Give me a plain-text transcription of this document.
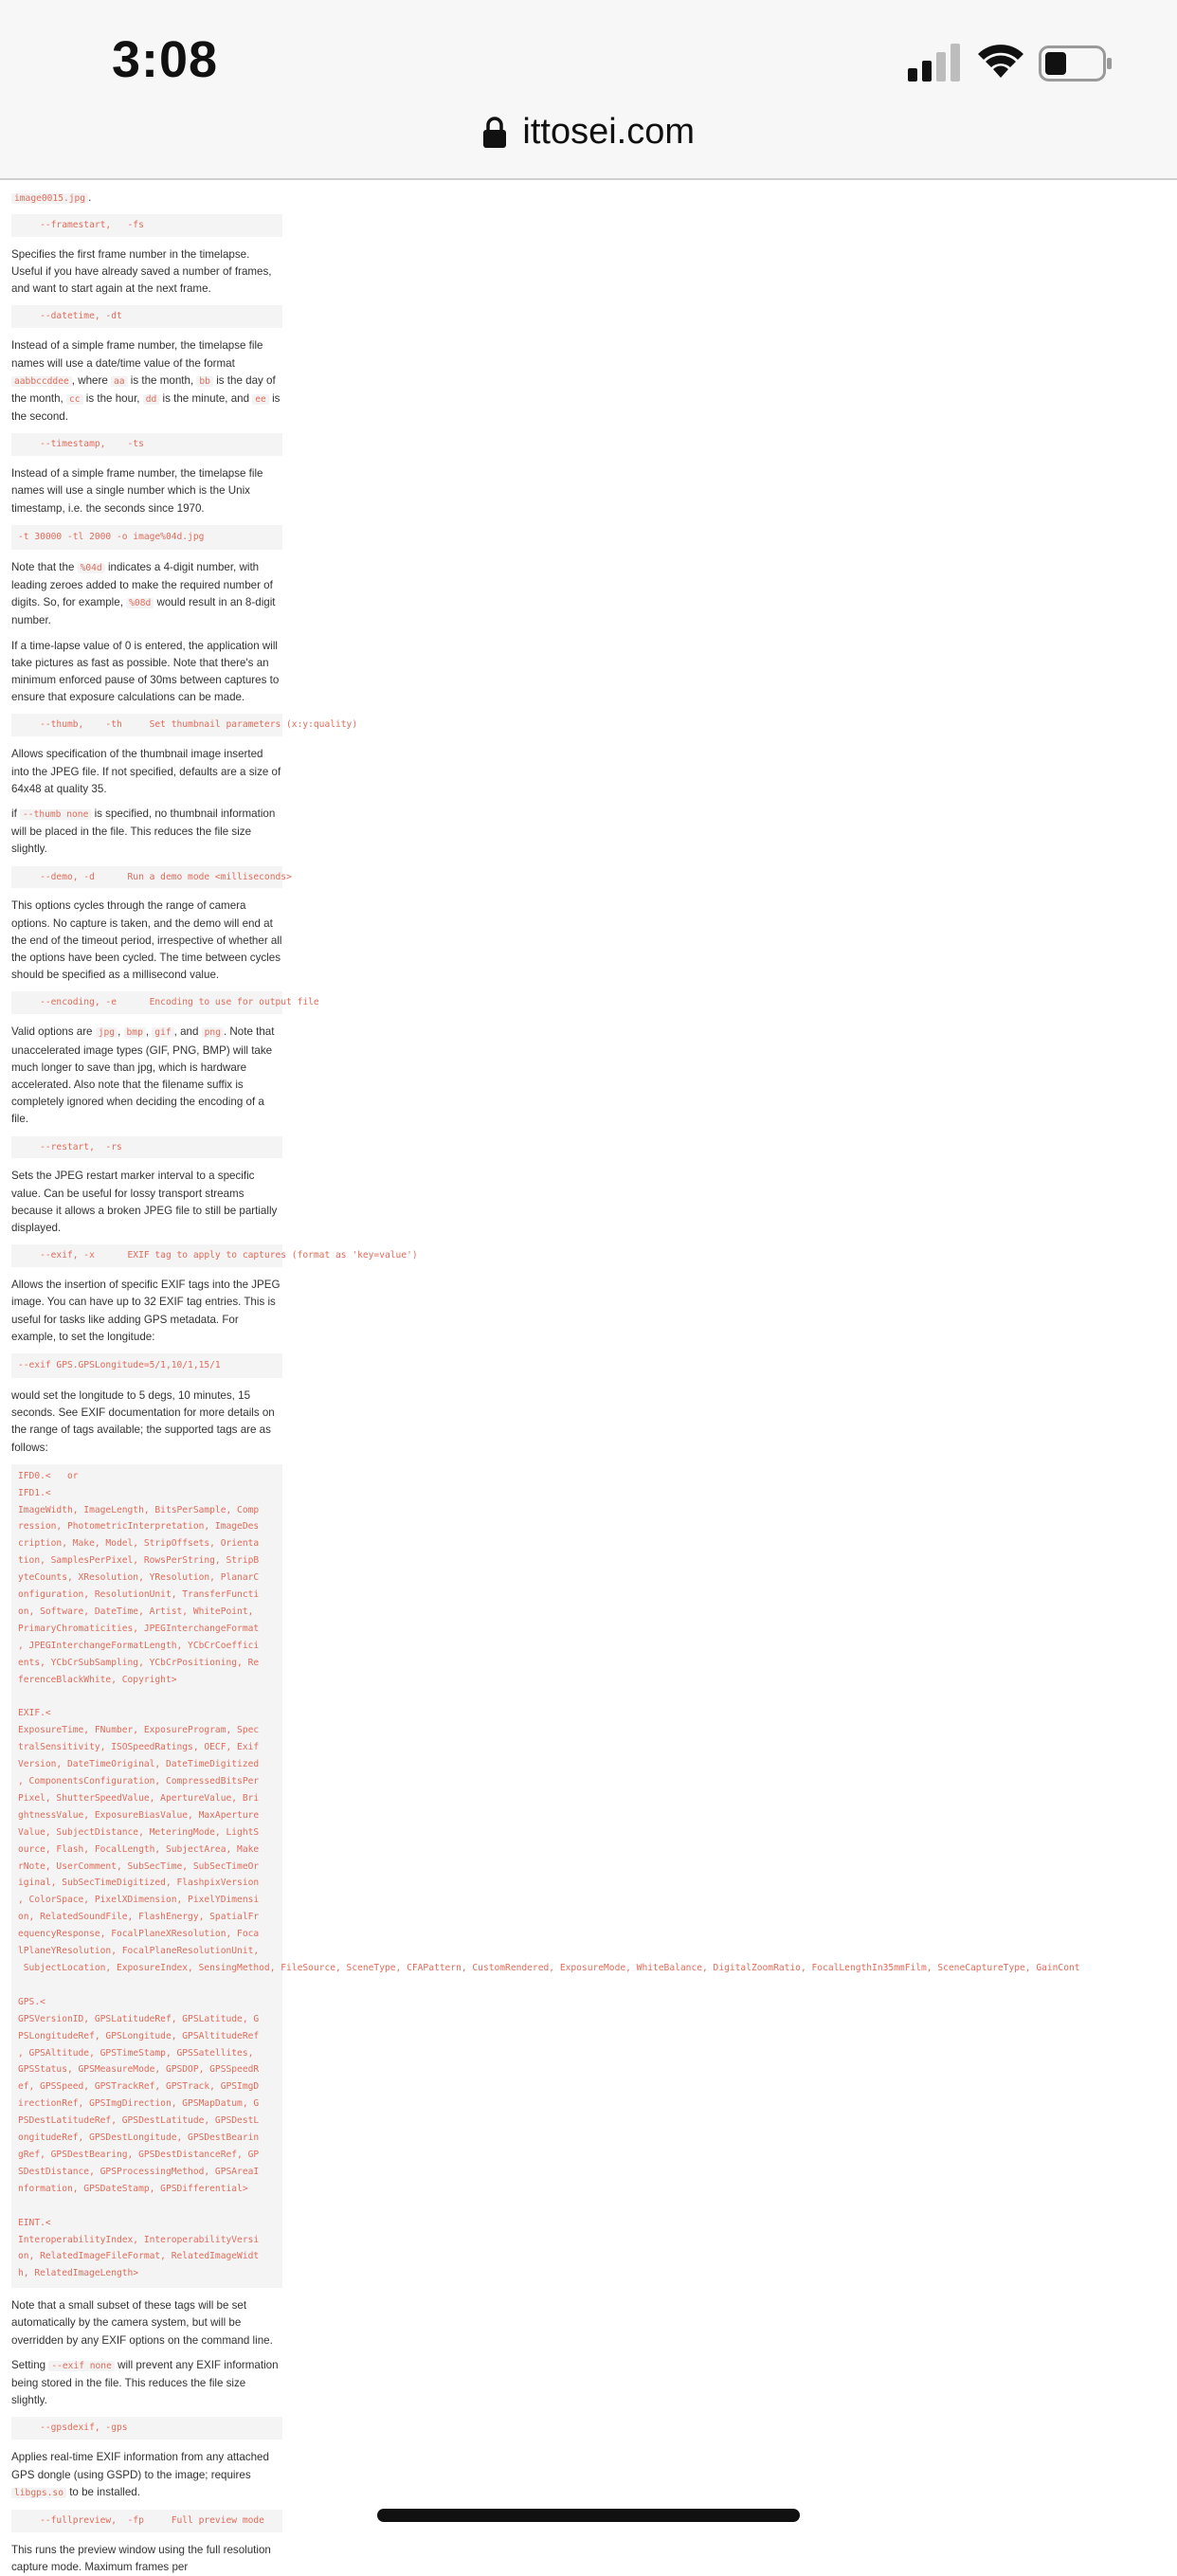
3:08
ittosei.com
image0015.jpg .
--framestart,   -fs

Specifies the first frame number in the timelapse. Useful if you have already saved a number of frames, and want to start again at the next frame.

--datetime, -dt

Instead of a simple frame number, the timelapse file names will use a date/time value of the format aabbccddee , where aa is the month, bb is the day of the month, cc is the hour, dd is the minute, and ee is the second.

--timestamp,    -ts

Instead of a simple frame number, the timelapse file names will use a single number which is the Unix timestamp, i.e. the seconds since 1970.

-t 30000 -tl 2000 -o image%04d.jpg

Note that the %04d indicates a 4-digit number, with leading zeroes added to make the required number of digits. So, for example, %08d would result in an 8-digit number.

If a time-lapse value of 0 is entered, the application will take pictures as fast as possible. Note that there's an minimum enforced pause of 30ms between captures to ensure that exposure calculations can be made.

--thumb,    -th     Set thumbnail parameters (x:y:quality)

Allows specification of the thumbnail image inserted into the JPEG file. If not specified, defaults are a size of 64x48 at quality 35.

if --thumb none is specified, no thumbnail information will be placed in the file. This reduces the file size slightly.

--demo, -d      Run a demo mode <milliseconds>

This options cycles through the range of camera options. No capture is taken, and the demo will end at the end of the timeout period, irrespective of whether all the options have been cycled. The time between cycles should be specified as a millisecond value.

--encoding, -e      Encoding to use for output file

Valid options are jpg , bmp , gif , and png . Note that unaccelerated image types (GIF, PNG, BMP) will take much longer to save than jpg, which is hardware accelerated. Also note that the filename suffix is completely ignored when deciding the encoding of a file.

--restart,  -rs

Sets the JPEG restart marker interval to a specific value. Can be useful for lossy transport streams because it allows a broken JPEG file to still be partially displayed.

--exif, -x      EXIF tag to apply to captures (format as 'key=value')

Allows the insertion of specific EXIF tags into the JPEG image. You can have up to 32 EXIF tag entries. This is useful for tasks like adding GPS metadata. For example, to set the longitude:

--exif GPS.GPSLongitude=5/1,10/1,15/1

would set the longitude to 5 degs, 10 minutes, 15 seconds. See EXIF documentation for more details on the range of tags available; the supported tags are as follows:

IFD0.<   or
IFD1.<
ImageWidth, ImageLength, BitsPerSample, Comp
ression, PhotometricInterpretation, ImageDes
cription, Make, Model, StripOffsets, Orienta
tion, SamplesPerPixel, RowsPerString, StripB
yteCounts, XResolution, YResolution, PlanarC
onfiguration, ResolutionUnit, TransferFuncti
on, Software, DateTime, Artist, WhitePoint,
PrimaryChromaticities, JPEGInterchangeFormat
, JPEGInterchangeFormatLength, YCbCrCoeffici
ents, YCbCrSubSampling, YCbCrPositioning, Re
ferenceBlackWhite, Copyright>

EXIF.<
ExposureTime, FNumber, ExposureProgram, Spec
tralSensitivity, ISOSpeedRatings, OECF, Exif
Version, DateTimeOriginal, DateTimeDigitized
, ComponentsConfiguration, CompressedBitsPer
Pixel, ShutterSpeedValue, ApertureValue, Bri
ghtnessValue, ExposureBiasValue, MaxAperture
Value, SubjectDistance, MeteringMode, LightS
ource, Flash, FocalLength, SubjectArea, Make
rNote, UserComment, SubSecTime, SubSecTimeOr
iginal, SubSecTimeDigitized, FlashpixVersion
, ColorSpace, PixelXDimension, PixelYDimensi
on, RelatedSoundFile, FlashEnergy, SpatialFr
equencyResponse, FocalPlaneXResolution, Foca
lPlaneYResolution, FocalPlaneResolutionUnit,
SubjectLocation, ExposureIndex, SensingMethod, FileSource, SceneType, CFAPattern, CustomRendered, ExposureMode, WhiteBalance, DigitalZoomRatio, FocalLengthIn35mmFilm, SceneCaptureType, GainCont

GPS.<
GPSVersionID, GPSLatitudeRef, GPSLatitude, G
PSLongitudeRef, GPSLongitude, GPSAltitudeRef
, GPSAltitude, GPSTimeStamp, GPSSatellites,
GPSStatus, GPSMeasureMode, GPSDOP, GPSSpeedR
ef, GPSSpeed, GPSTrackRef, GPSTrack, GPSImgD
irectionRef, GPSImgDirection, GPSMapDatum, G
PSDestLatitudeRef, GPSDestLatitude, GPSDestL
ongitudeRef, GPSDestLongitude, GPSDestBearin
gRef, GPSDestBearing, GPSDestDistanceRef, GP
SDestDistance, GPSProcessingMethod, GPSAreaI
nformation, GPSDateStamp, GPSDifferential>

EINT.<
InteroperabilityIndex, InteroperabilityVersi
on, RelatedImageFileFormat, RelatedImageWidt
h, RelatedImageLength>

Note that a small subset of these tags will be set automatically by the camera system, but will be overridden by any EXIF options on the command line.

Setting --exif none will prevent any EXIF information being stored in the file. This reduces the file size slightly.

--gpsdexif, -gps

Applies real-time EXIF information from any attached GPS dongle (using GSPD) to the image; requires libgps.so to be installed.

--fullpreview,  -fp     Full preview mode

This runs the preview window using the full resolution capture mode. Maximum frames per
